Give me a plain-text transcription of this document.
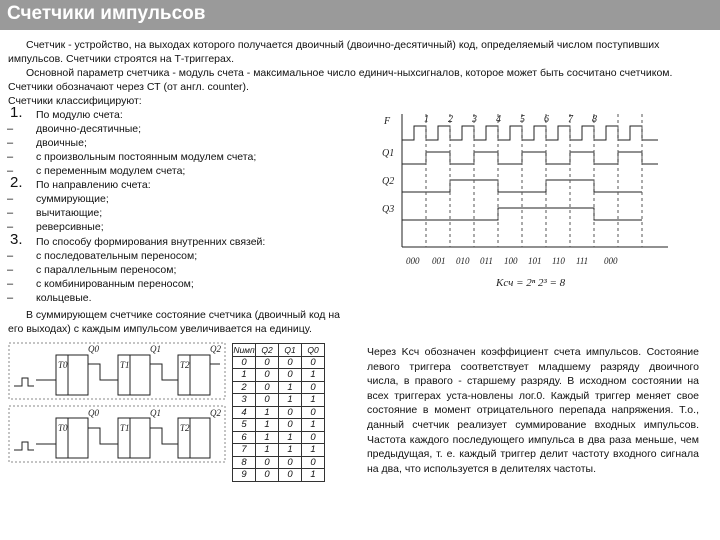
Счетчики импульсов
Счетчик - устройство, на выходах которого получается двоичный (двоично-десятичный) код, определяемый числом поступивших
импульсов. Счетчики строятся на Т-триггерах.
Основной параметр счетчика - модуль счета - максимальное число единич-ныхсигналов, которое может быть сосчитано счетчиком.
Счетчики обозначают через СТ (от англ. counter).
Счетчики классифицируют:
1. По модулю счета:
– двоично-десятичные;
– двоичные;
– с произвольным постоянным модулем счета;
– с переменным модулем счета;
2. По направлению счета:
– суммирующие;
– вычитающие;
– реверсивные;
3. По способу формирования внутренних связей:
– с последовательным переносом;
– с параллельным переносом;
– с комбинированным переносом;
– кольцевые.
В суммирующем счетчике состояние счетчика (двоичный код на
его выходах) с каждым импульсом увеличивается на единицу.
F
Q1
Q2
Q3
1 2 3 4 5 6 7 8
000 001 010 011 100 101 110 111 000
Kсч = 2ⁿ 2³ = 8
T0	T1	T2
Q0	Q1	Q2
T0	T1	T2
Q0	Q1	Q2
Nимп	Q2	Q1	Q0
0	0	0	0
1	0	0	1
2	0	1	0
3	0	1	1
4	1	0	0
5	1	0	1
6	1	1	0
7	1	1	1
8	0	0	0
9	0	0	1
Через Kсч обозначен коэффициент счета импульсов. Состояние левого триггера соответствует младшему разряду двоичного числа, в правого - старшему разряду. В исходном состоянии на всех триггерах уста-новлены лог.0. Каждый триггер меняет свое состояние в момент отрицательного перепада напряжения. Т.о., данный счетчик реализует суммирование входных импульсов. Частота каждого последующего импульса в два раза меньше, чем предыдущая, т. е. каждый триггер делит частоту входного сигнала на два, что используется в делителях частоты.
